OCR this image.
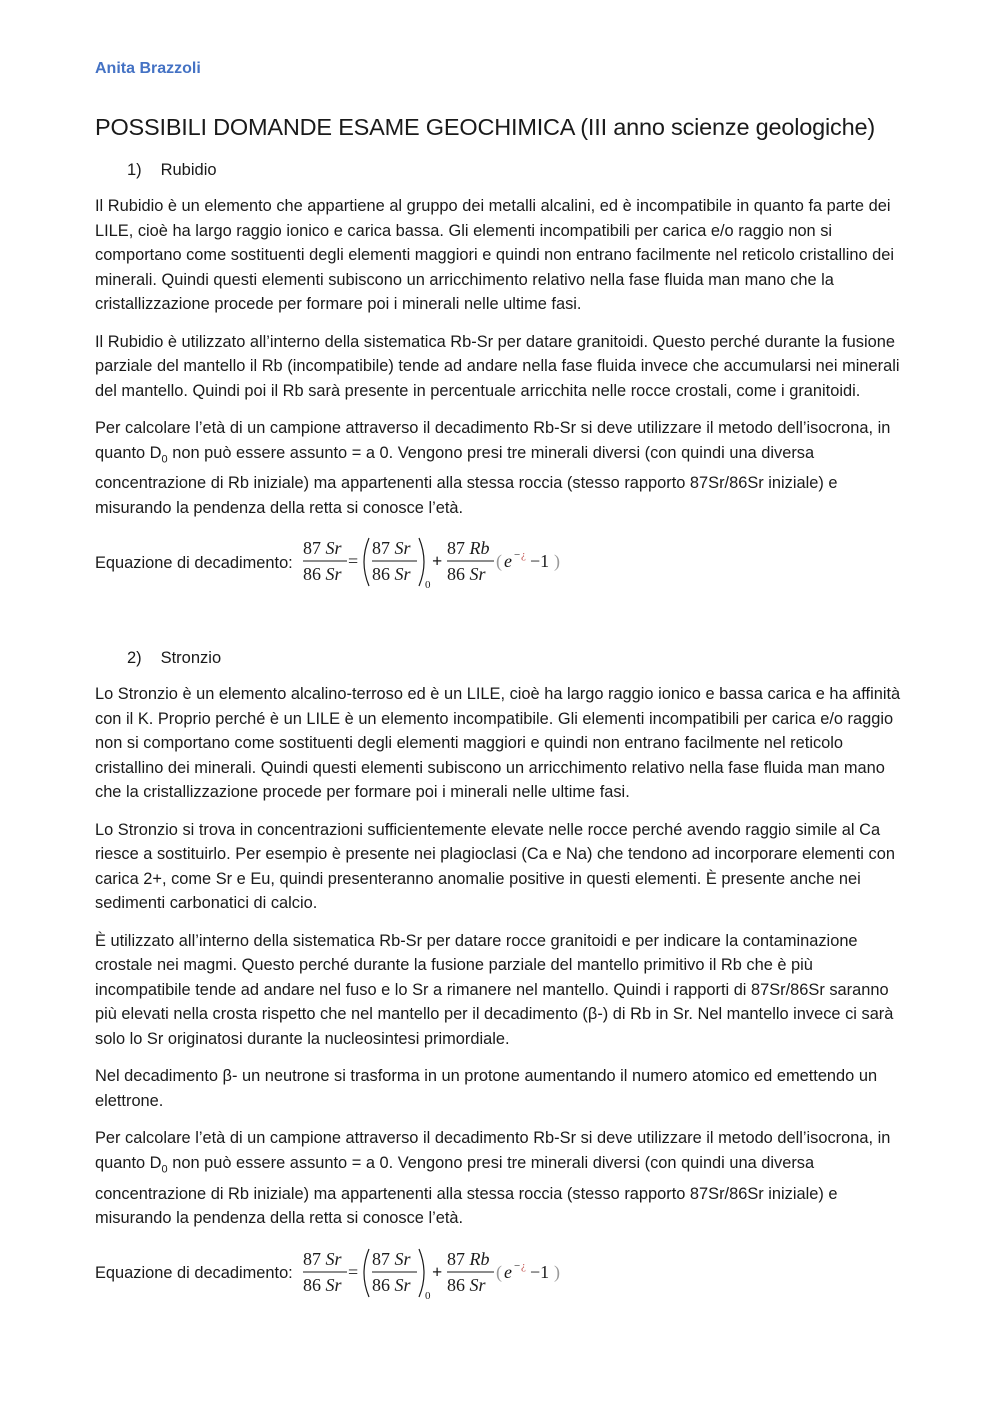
Anita Brazzoli
POSSIBILI DOMANDE ESAME GEOCHIMICA (III anno scienze geologiche)
1) Rubidio

Il Rubidio è un elemento che appartiene al gruppo dei metalli alcalini, ed è incompatibile in quanto fa parte dei LILE, cioè ha largo raggio ionico e carica bassa. Gli elementi incompatibili per carica e/o raggio non si comportano come sostituenti degli elementi maggiori e quindi non entrano facilmente nel reticolo cristallino dei minerali. Quindi questi elementi subiscono un arricchimento relativo nella fase fluida man mano che la cristallizzazione procede per formare poi i minerali nelle ultime fasi.

Il Rubidio è utilizzato all’interno della sistematica Rb-Sr per datare granitoidi. Questo perché durante la fusione parziale del mantello il Rb (incompatibile) tende ad andare nella fase fluida invece che accumularsi nei minerali del mantello. Quindi poi il Rb sarà presente in percentuale arricchita nelle rocce crostali, come i granitoidi.

Per calcolare l’età di un campione attraverso il decadimento Rb-Sr si deve utilizzare il metodo dell’isocrona, in quanto $D_0$ non può essere assunto = a 0. Vengono presi tre minerali diversi (con quindi una diversa concentrazione di Rb iniziale) ma appartenenti alla stessa roccia (stesso rapporto 87Sr/86Sr iniziale) e misurando la pendenza della retta si conosce l’età.

Equazione di decadimento:
87 Sr
86 Sr
=
87 Sr
86 Sr
0
+
87 Rb
86 Sr
( e − ¿ −1 )
2) Stronzio

Lo Stronzio è un elemento alcalino-terroso ed è un LILE, cioè ha largo raggio ionico e bassa carica e ha affinità con il K. Proprio perché è un LILE è un elemento incompatibile. Gli elementi incompatibili per carica e/o raggio non si comportano come sostituenti degli elementi maggiori e quindi non entrano facilmente nel reticolo cristallino dei minerali. Quindi questi elementi subiscono un arricchimento relativo nella fase fluida man mano che la cristallizzazione procede per formare poi i minerali nelle ultime fasi.

Lo Stronzio si trova in concentrazioni sufficientemente elevate nelle rocce perché avendo raggio simile al Ca riesce a sostituirlo. Per esempio è presente nei plagioclasi (Ca e Na) che tendono ad incorporare elementi con carica 2+, come Sr e Eu, quindi presenteranno anomalie positive in questi elementi. È presente anche nei sedimenti carbonatici di calcio.

È utilizzato all’interno della sistematica Rb-Sr per datare rocce granitoidi e per indicare la contaminazione crostale nei magmi. Questo perché durante la fusione parziale del mantello primitivo il Rb che è più incompatibile tende ad andare nel fuso e lo Sr a rimanere nel mantello. Quindi i rapporti di 87Sr/86Sr saranno più elevati nella crosta rispetto che nel mantello per il decadimento (β-) di Rb in Sr. Nel mantello invece ci sarà solo lo Sr originatosi durante la nucleosintesi primordiale.

Nel decadimento β- un neutrone si trasforma in un protone aumentando il numero atomico ed emettendo un elettrone.

Per calcolare l’età di un campione attraverso il decadimento Rb-Sr si deve utilizzare il metodo dell’isocrona, in quanto $D_0$ non può essere assunto = a 0. Vengono presi tre minerali diversi (con quindi una diversa concentrazione di Rb iniziale) ma appartenenti alla stessa roccia (stesso rapporto 87Sr/86Sr iniziale) e misurando la pendenza della retta si conosce l’età.

Equazione di decadimento:
87 Sr
86 Sr
=
87 Sr
86 Sr
0
+
87 Rb
86 Sr
( e − ¿ −1 )
